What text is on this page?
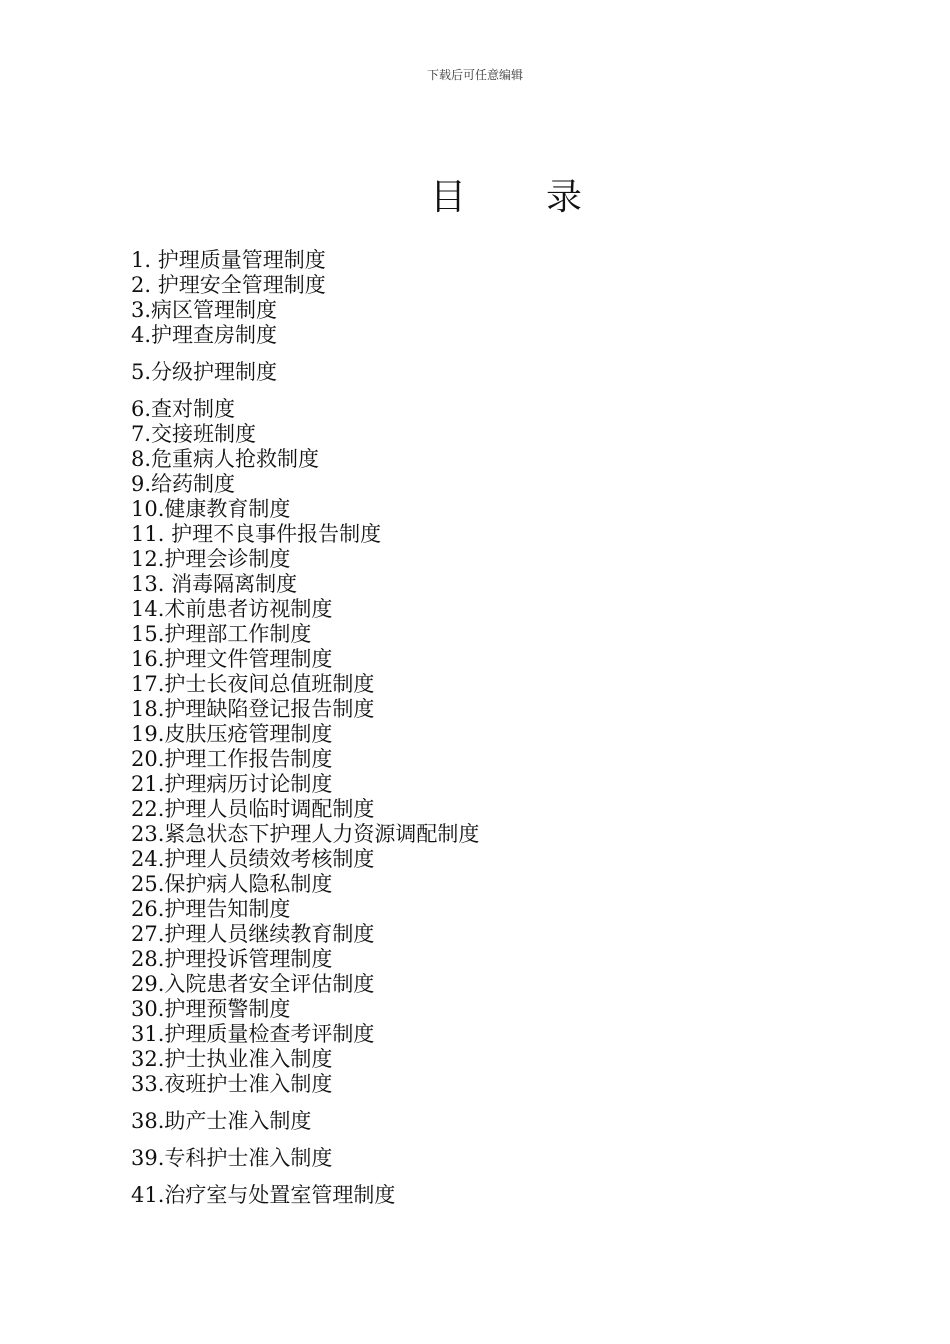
下载后可任意编辑
目 录
1. 护理质量管理制度
2. 护理安全管理制度
3.病区管理制度
4.护理查房制度
5.分级护理制度
6.查对制度
7.交接班制度
8.危重病人抢救制度
9.给药制度
10.健康教育制度
11. 护理不良事件报告制度
12.护理会诊制度
13. 消毒隔离制度
14.术前患者访视制度
15.护理部工作制度
16.护理文件管理制度
17.护士长夜间总值班制度
18.护理缺陷登记报告制度
19.皮肤压疮管理制度
20.护理工作报告制度
21.护理病历讨论制度
22.护理人员临时调配制度
23.紧急状态下护理人力资源调配制度
24.护理人员绩效考核制度
25.保护病人隐私制度
26.护理告知制度
27.护理人员继续教育制度
28.护理投诉管理制度
29.入院患者安全评估制度
30.护理预警制度
31.护理质量检查考评制度
32.护士执业准入制度
33.夜班护士准入制度
38.助产士准入制度
39.专科护士准入制度
41.治疗室与处置室管理制度
